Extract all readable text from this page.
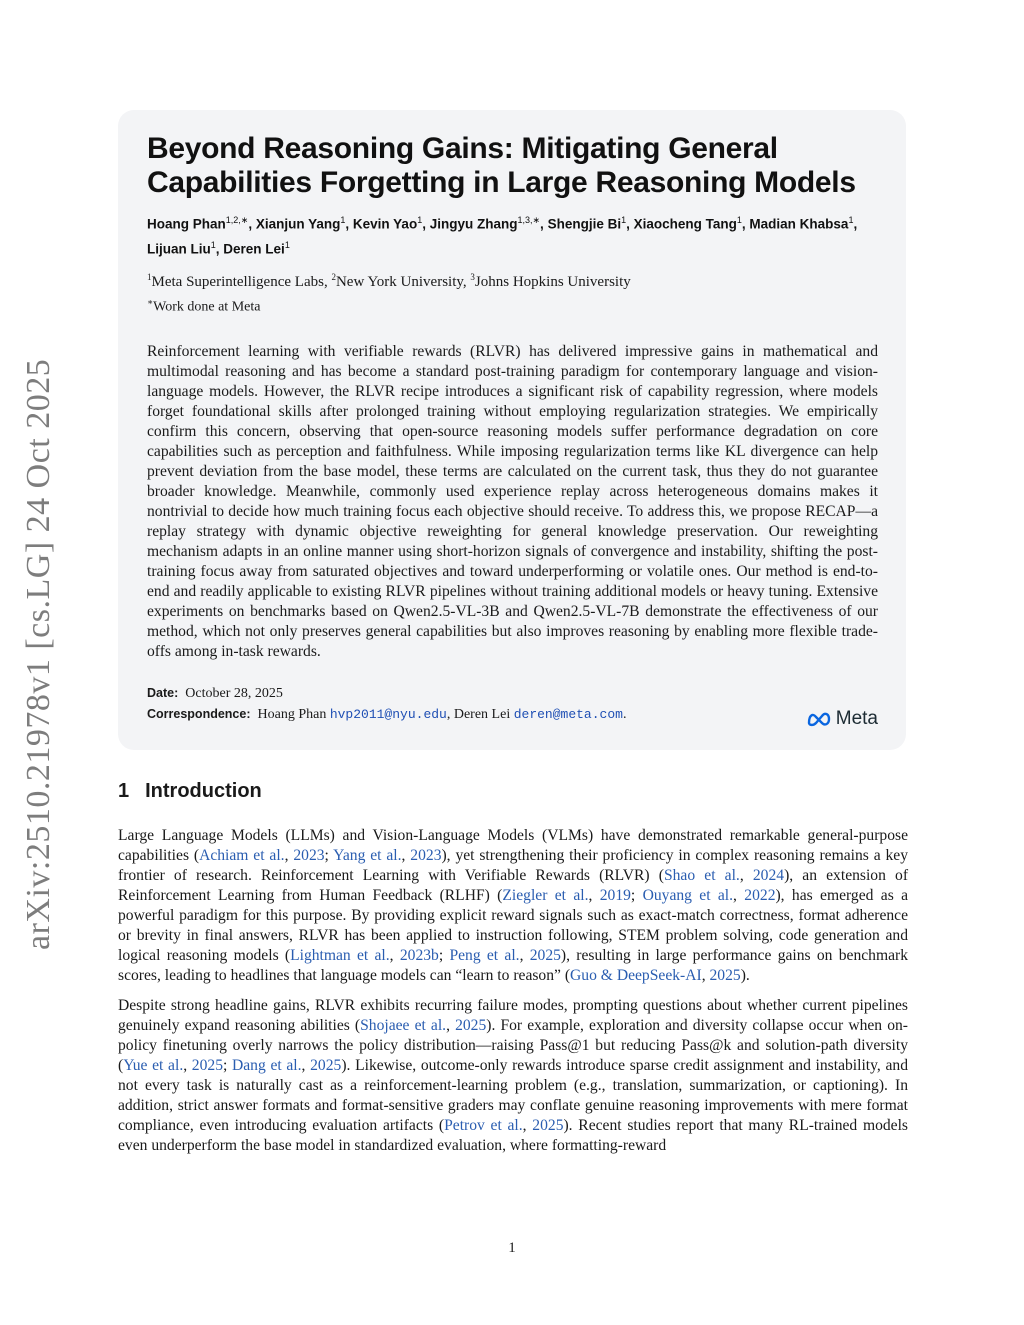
arXiv:2510.21978v1 [cs.LG] 24 Oct 2025
Beyond Reasoning Gains: Mitigating General
Capabilities Forgetting in Large Reasoning Models
Hoang Phan$^{1,2,∗}$, Xianjun Yang$^1$, Kevin Yao$^1$, Jingyu Zhang$^{1,3,∗}$, Shengjie Bi$^1$, Xiaocheng Tang$^1$, Madian Khabsa$^1$, Lijuan Liu$^1$, Deren Lei$^1$
$^1$Meta Superintelligence Labs, $^2$New York University, $^3$Johns Hopkins University
∗Work done at Meta

Reinforcement learning with verifiable rewards (RLVR) has delivered impressive gains in mathematical and multimodal reasoning and has become a standard post-training paradigm for contemporary language and vision-language models. However, the RLVR recipe introduces a significant risk of capability regression, where models forget foundational skills after prolonged training without employing regularization strategies. We empirically confirm this concern, observing that open-source reasoning models suffer performance degradation on core capabilities such as perception and faithfulness. While imposing regularization terms like KL divergence can help prevent deviation from the base model, these terms are calculated on the current task, thus they do not guarantee broader knowledge. Meanwhile, commonly used experience replay across heterogeneous domains makes it nontrivial to decide how much training focus each objective should receive. To address this, we propose RECAP—a replay strategy with dynamic objective reweighting for general knowledge preservation. Our reweighting mechanism adapts in an online manner using short-horizon signals of convergence and instability, shifting the post-training focus away from saturated objectives and toward underperforming or volatile ones. Our method is end-to-end and readily applicable to existing RLVR pipelines without training additional models or heavy tuning. Extensive experiments on benchmarks based on Qwen2.5-VL-3B and Qwen2.5-VL-7B demonstrate the effectiveness of our method, which not only preserves general capabilities but also improves reasoning by enabling more flexible trade-offs among in-task rewards.

Date: October 28, 2025
Correspondence: Hoang Phan hvp2011@nyu.edu, Deren Lei deren@meta.com.	Meta
1 Introduction

Large Language Models (LLMs) and Vision-Language Models (VLMs) have demonstrated remarkable general-purpose capabilities (Achiam et al., 2023; Yang et al., 2023), yet strengthening their proficiency in complex reasoning remains a key frontier of research. Reinforcement Learning with Verifiable Rewards (RLVR) (Shao et al., 2024), an extension of Reinforcement Learning from Human Feedback (RLHF) (Ziegler et al., 2019; Ouyang et al., 2022), has emerged as a powerful paradigm for this purpose. By providing explicit reward signals such as exact-match correctness, format adherence or brevity in final answers, RLVR has been applied to instruction following, STEM problem solving, code generation and logical reasoning models (Lightman et al., 2023b; Peng et al., 2025), resulting in large performance gains on benchmark scores, leading to headlines that language models can “learn to reason” (Guo & DeepSeek-AI, 2025).

Despite strong headline gains, RLVR exhibits recurring failure modes, prompting questions about whether current pipelines genuinely expand reasoning abilities (Shojaee et al., 2025). For example, exploration and diversity collapse occur when on-policy finetuning overly narrows the policy distribution—raising Pass@1 but reducing Pass@k and solution-path diversity (Yue et al., 2025; Dang et al., 2025). Likewise, outcome-only rewards introduce sparse credit assignment and instability, and not every task is naturally cast as a reinforcement-learning problem (e.g., translation, summarization, or captioning). In addition, strict answer formats and format-sensitive graders may conflate genuine reasoning improvements with mere format compliance, even introducing evaluation artifacts (Petrov et al., 2025). Recent studies report that many RL-trained models even underperform the base model in standardized evaluation, where formatting-reward

1
